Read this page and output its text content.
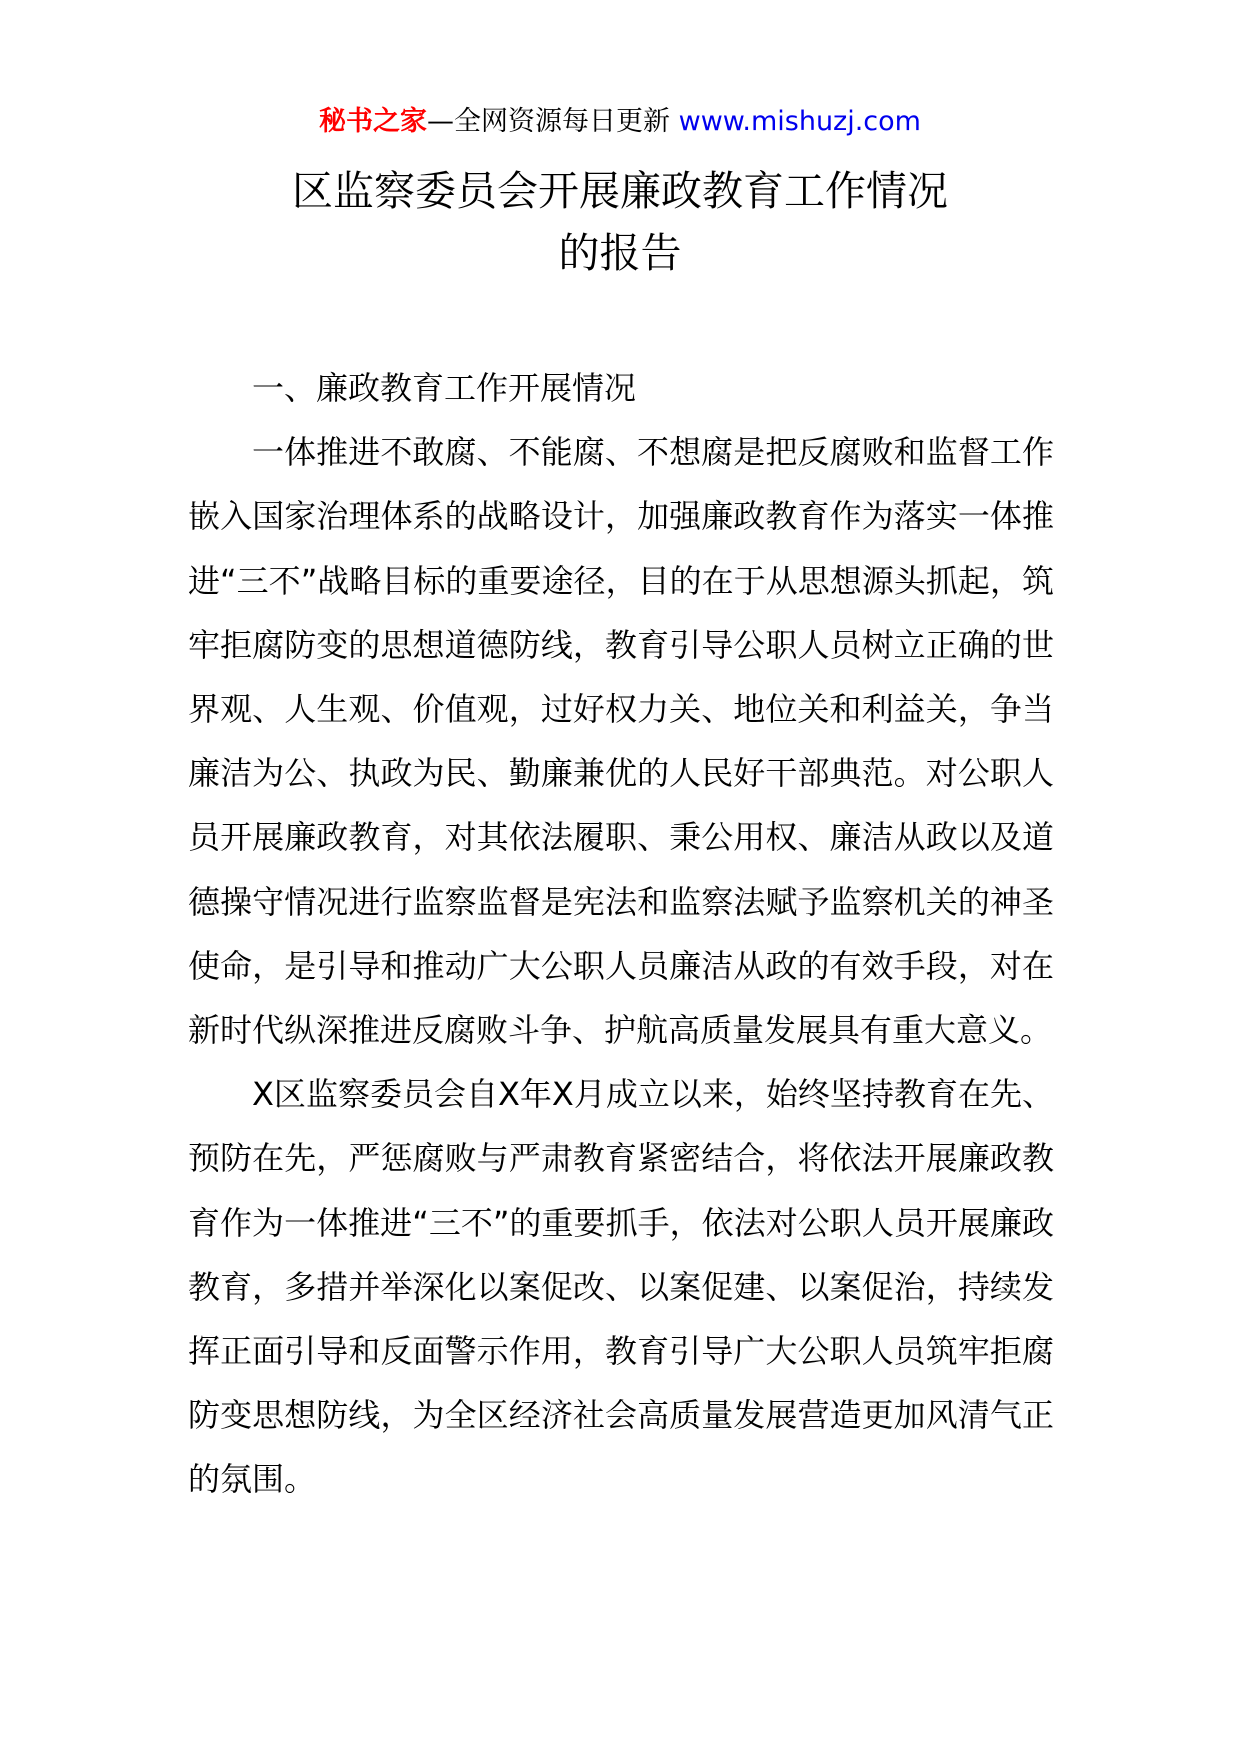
秘书之家—全网资源每日更新 www.mishuzj.com
区监察委员会开展廉政教育工作情况
的报告

一、廉政教育工作开展情况

一体推进不敢腐、不能腐、不想腐是把反腐败和监督工作嵌入国家治理体系的战略设计，加强廉政教育作为落实一体推进“三不”战略目标的重要途径，目的在于从思想源头抓起，筑牢拒腐防变的思想道德防线，教育引导公职人员树立正确的世界观、人生观、价值观，过好权力关、地位关和利益关，争当廉洁为公、执政为民、勤廉兼优的人民好干部典范。对公职人员开展廉政教育，对其依法履职、秉公用权、廉洁从政以及道德操守情况进行监察监督是宪法和监察法赋予监察机关的神圣使命，是引导和推动广大公职人员廉洁从政的有效手段，对在新时代纵深推进反腐败斗争、护航高质量发展具有重大意义。

X区监察委员会自X年X月成立以来，始终坚持教育在先、预防在先，严惩腐败与严肃教育紧密结合，将依法开展廉政教育作为一体推进“三不”的重要抓手，依法对公职人员开展廉政教育，多措并举深化以案促改、以案促建、以案促治，持续发挥正面引导和反面警示作用，教育引导广大公职人员筑牢拒腐防变思想防线，为全区经济社会高质量发展营造更加风清气正的氛围。
